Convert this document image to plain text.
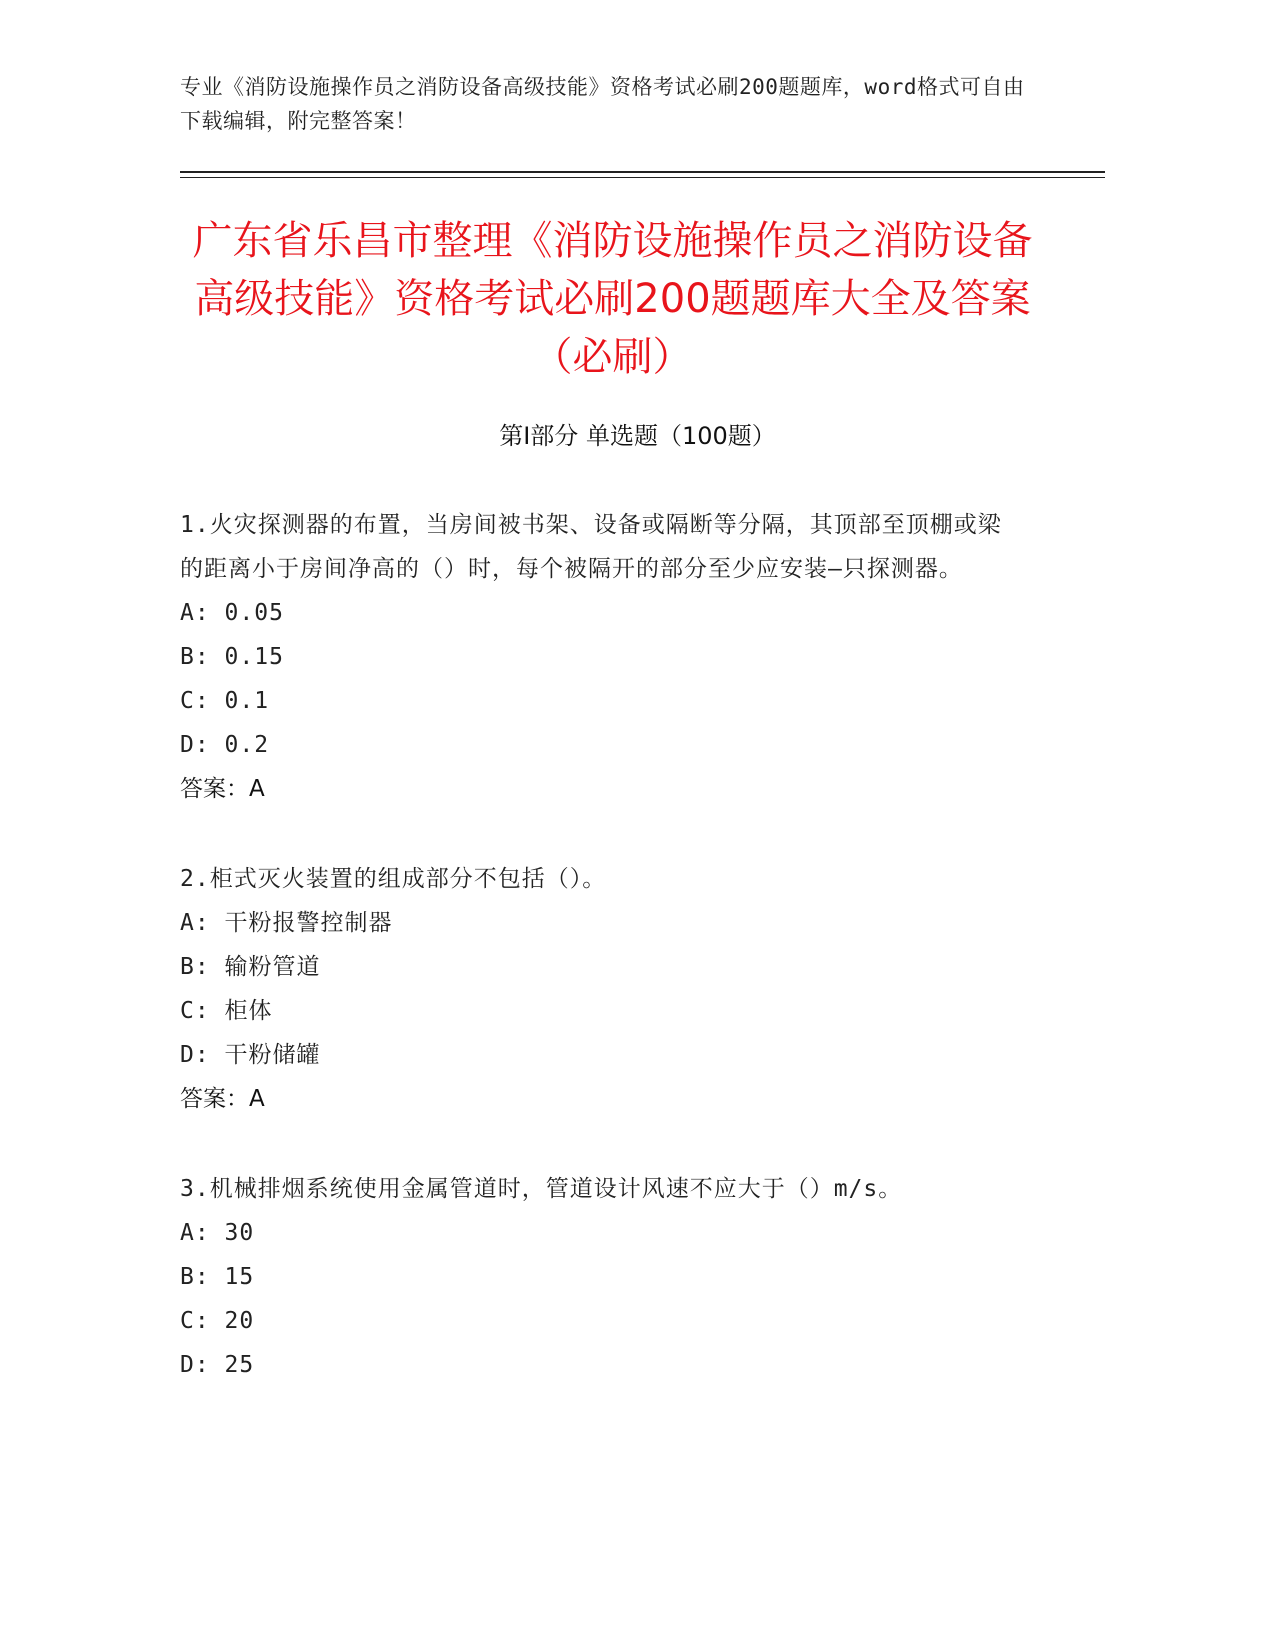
专业《消防设施操作员之消防设备高级技能》资格考试必刷200题题库，word格式可自由下载编辑，附完整答案！
广东省乐昌市整理《消防设施操作员之消防设备高级技能》资格考试必刷200题题库大全及答案（必刷）
第I部分 单选题（100题）
1.火灾探测器的布置，当房间被书架、设备或隔断等分隔，其顶部至顶棚或梁的距离小于房间净高的（）时，每个被隔开的部分至少应安装—只探测器。
A: 0.05
B: 0.15
C: 0.1
D: 0.2
答案：A
2.柜式灭火装置的组成部分不包括（）。
A: 干粉报警控制器
B: 输粉管道
C: 柜体
D: 干粉储罐
答案：A
3.机械排烟系统使用金属管道时，管道设计风速不应大于（）m/s。
A: 30
B: 15
C: 20
D: 25
